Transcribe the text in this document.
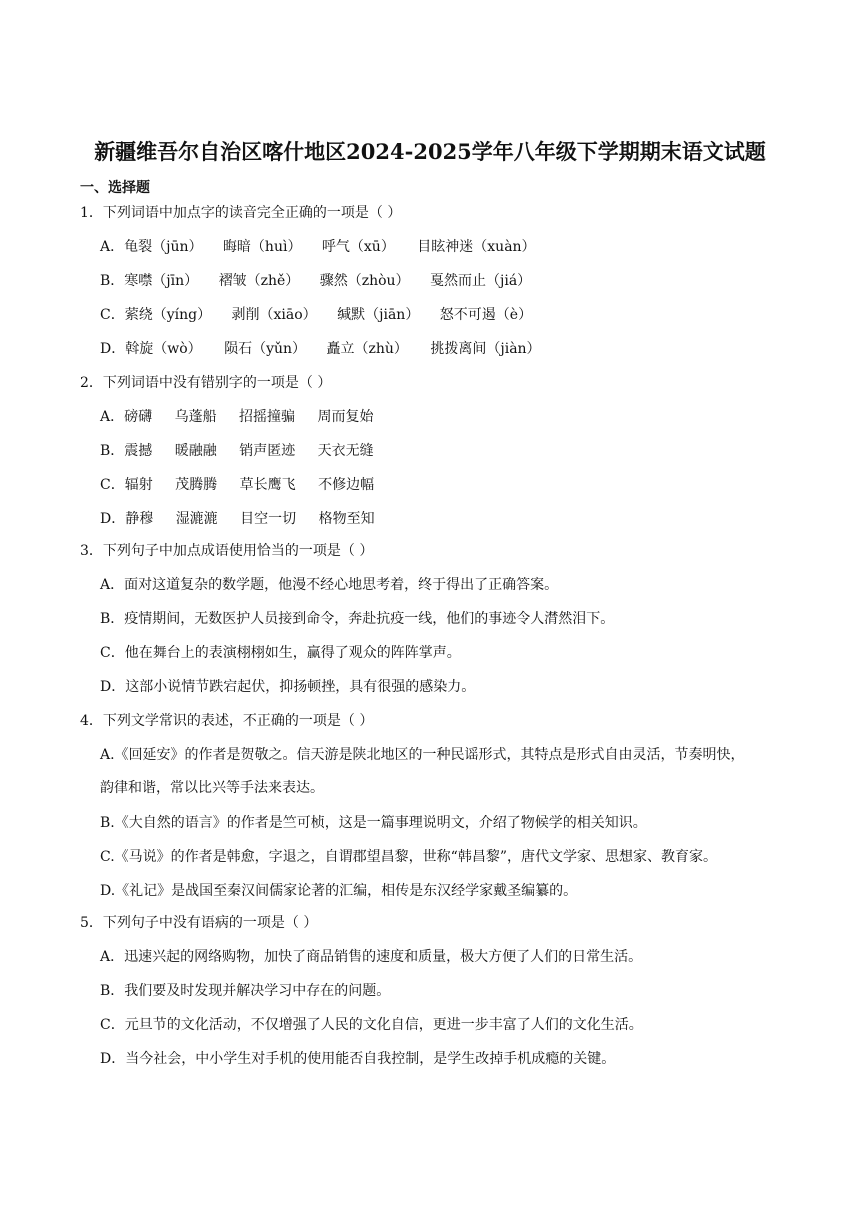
新疆维吾尔自治区喀什地区2024-2025学年八年级下学期期末语文试题
一、选择题
1．下列词语中加点字的读音完全正确的一项是（ ）
A．龟裂（jūn） 晦暗（huì） 呼气（xū） 目眩神迷（xuàn）
B．寒噤（jīn） 褶皱（zhě） 骤然（zhòu） 戛然而止（jiá）
C．萦绕（yíng） 剥削（xiāo） 缄默（jiān） 怒不可遏（è）
D．斡旋（wò） 陨石（yǔn） 矗立（zhù） 挑拨离间（jiàn）
2．下列词语中没有错别字的一项是（ ）
A．磅礴 乌蓬船 招摇撞骗 周而复始
B．震撼 暖融融 销声匿迹 天衣无缝
C．辐射 茂腾腾 草长鹰飞 不修边幅
D．静穆 湿漉漉 目空一切 格物至知
3．下列句子中加点成语使用恰当的一项是（ ）
A．面对这道复杂的数学题，他漫不经心地思考着，终于得出了正确答案。
B．疫情期间，无数医护人员接到命令，奔赴抗疫一线，他们的事迹令人潸然泪下。
C．他在舞台上的表演栩栩如生，赢得了观众的阵阵掌声。
D．这部小说情节跌宕起伏，抑扬顿挫，具有很强的感染力。
4．下列文学常识的表述，不正确的一项是（ ）
A.《回延安》的作者是贺敬之。信天游是陕北地区的一种民谣形式，其特点是形式自由灵活，节奏明快，
韵律和谐，常以比兴等手法来表达。
B.《大自然的语言》的作者是竺可桢，这是一篇事理说明文，介绍了物候学的相关知识。
C.《马说》的作者是韩愈，字退之，自谓郡望昌黎，世称“韩昌黎”，唐代文学家、思想家、教育家。
D.《礼记》是战国至秦汉间儒家论著的汇编，相传是东汉经学家戴圣编纂的。
5．下列句子中没有语病的一项是（ ）
A．迅速兴起的网络购物，加快了商品销售的速度和质量，极大方便了人们的日常生活。
B．我们要及时发现并解决学习中存在的问题。
C．元旦节的文化活动，不仅增强了人民的文化自信，更进一步丰富了人们的文化生活。
D．当今社会，中小学生对手机的使用能否自我控制，是学生改掉手机成瘾的关键。
